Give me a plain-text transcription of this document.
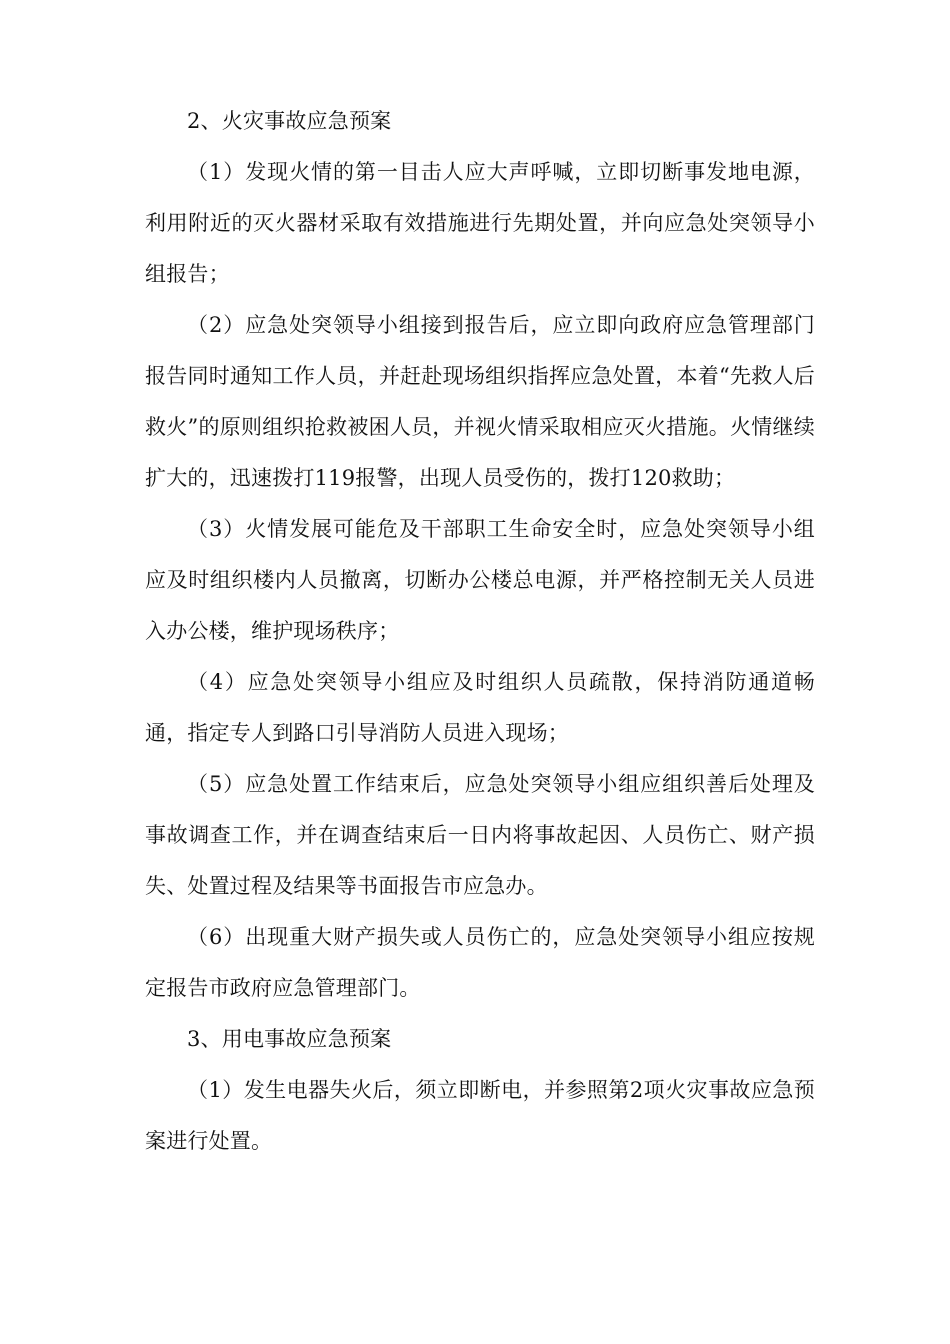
2、火灾事故应急预案

（1）发现火情的第一目击人应大声呼喊，立即切断事发地电源，利用附近的灭火器材采取有效措施进行先期处置，并向应急处突领导小组报告；

（2）应急处突领导小组接到报告后，应立即向政府应急管理部门报告同时通知工作人员，并赶赴现场组织指挥应急处置，本着“先救人后救火”的原则组织抢救被困人员，并视火情采取相应灭火措施。火情继续扩大的，迅速拨打119报警，出现人员受伤的，拨打120救助；

（3）火情发展可能危及干部职工生命安全时，应急处突领导小组应及时组织楼内人员撤离，切断办公楼总电源，并严格控制无关人员进入办公楼，维护现场秩序；

（4）应急处突领导小组应及时组织人员疏散，保持消防通道畅通，指定专人到路口引导消防人员进入现场；

（5）应急处置工作结束后，应急处突领导小组应组织善后处理及事故调查工作，并在调查结束后一日内将事故起因、人员伤亡、财产损失、处置过程及结果等书面报告市应急办。

（6）出现重大财产损失或人员伤亡的，应急处突领导小组应按规定报告市政府应急管理部门。

3、用电事故应急预案

（1）发生电器失火后，须立即断电，并参照第2项火灾事故应急预案进行处置。
